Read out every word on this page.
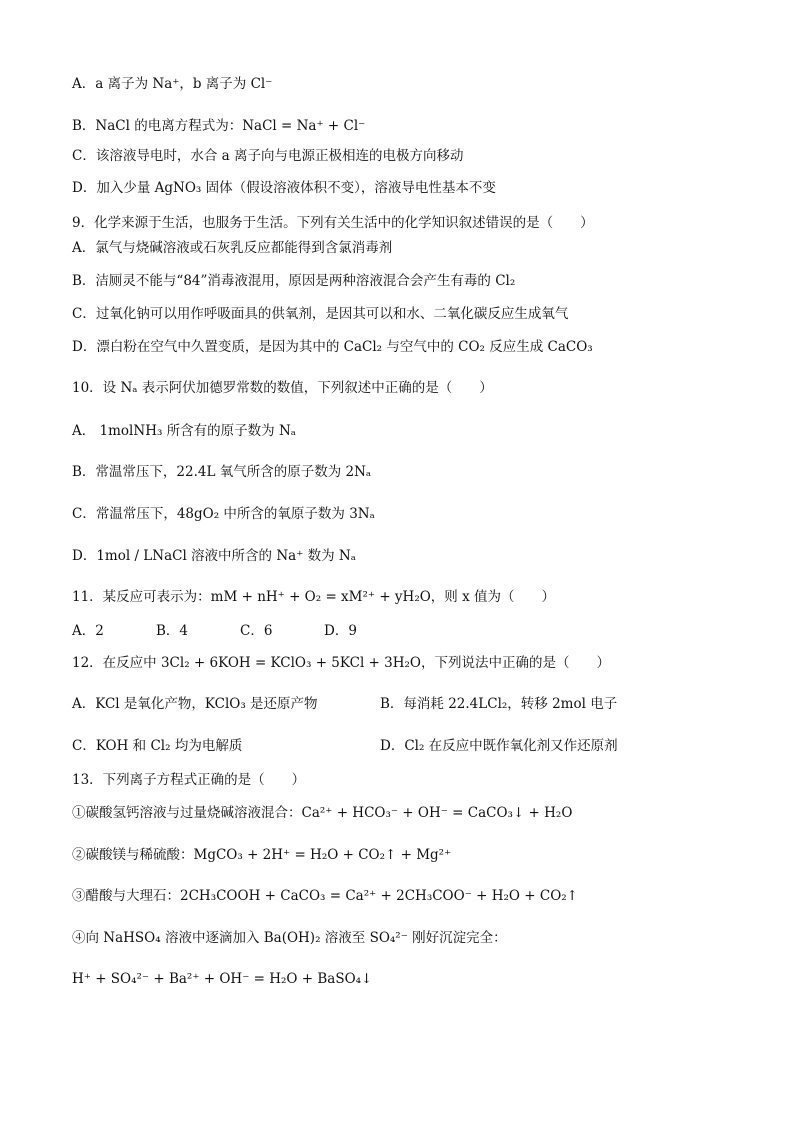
A．a 离子为 Na⁺，b 离子为 Cl⁻
B．NaCl 的电离方程式为：NaCl = Na⁺ + Cl⁻
C．该溶液导电时，水合 a 离子向与电源正极相连的电极方向移动
D．加入少量 AgNO₃ 固体（假设溶液体积不变），溶液导电性基本不变
9．化学来源于生活，也服务于生活。下列有关生活中的化学知识叙述错误的是（　　）
A．氯气与烧碱溶液或石灰乳反应都能得到含氯消毒剂
B．洁厕灵不能与“84”消毒液混用，原因是两种溶液混合会产生有毒的 Cl₂
C．过氧化钠可以用作呼吸面具的供氧剂，是因其可以和水、二氧化碳反应生成氧气
D．漂白粉在空气中久置变质，是因为其中的 CaCl₂ 与空气中的 CO₂ 反应生成 CaCO₃
10．设 Nₐ 表示阿伏加德罗常数的数值，下列叙述中正确的是（　　）
A． 1molNH₃ 所含有的原子数为 Nₐ
B．常温常压下，22.4L 氧气所含的原子数为 2Nₐ
C．常温常压下，48gO₂ 中所含的氧原子数为 3Nₐ
D．1mol / LNaCl 溶液中所含的 Na⁺ 数为 Nₐ
11．某反应可表示为：mM + nH⁺ + O₂ = xM²⁺ + yH₂O，则 x 值为（　　）
A．2	B．4	C．6	D．9
12．在反应中 3Cl₂ + 6KOH = KClO₃ + 5KCl + 3H₂O，下列说法中正确的是（　　）
A．KCl 是氧化产物，KClO₃ 是还原产物	B．每消耗 22.4LCl₂，转移 2mol 电子
C．KOH 和 Cl₂ 均为电解质	D．Cl₂ 在反应中既作氧化剂又作还原剂
13．下列离子方程式正确的是（　　）
①碳酸氢钙溶液与过量烧碱溶液混合：Ca²⁺ + HCO₃⁻ + OH⁻ = CaCO₃↓ + H₂O
②碳酸镁与稀硫酸：MgCO₃ + 2H⁺ = H₂O + CO₂↑ + Mg²⁺
③醋酸与大理石：2CH₃COOH + CaCO₃ = Ca²⁺ + 2CH₃COO⁻ + H₂O + CO₂↑
④向 NaHSO₄ 溶液中逐滴加入 Ba(OH)₂ 溶液至 SO₄²⁻ 刚好沉淀完全：
H⁺ + SO₄²⁻ + Ba²⁺ + OH⁻ = H₂O + BaSO₄↓
